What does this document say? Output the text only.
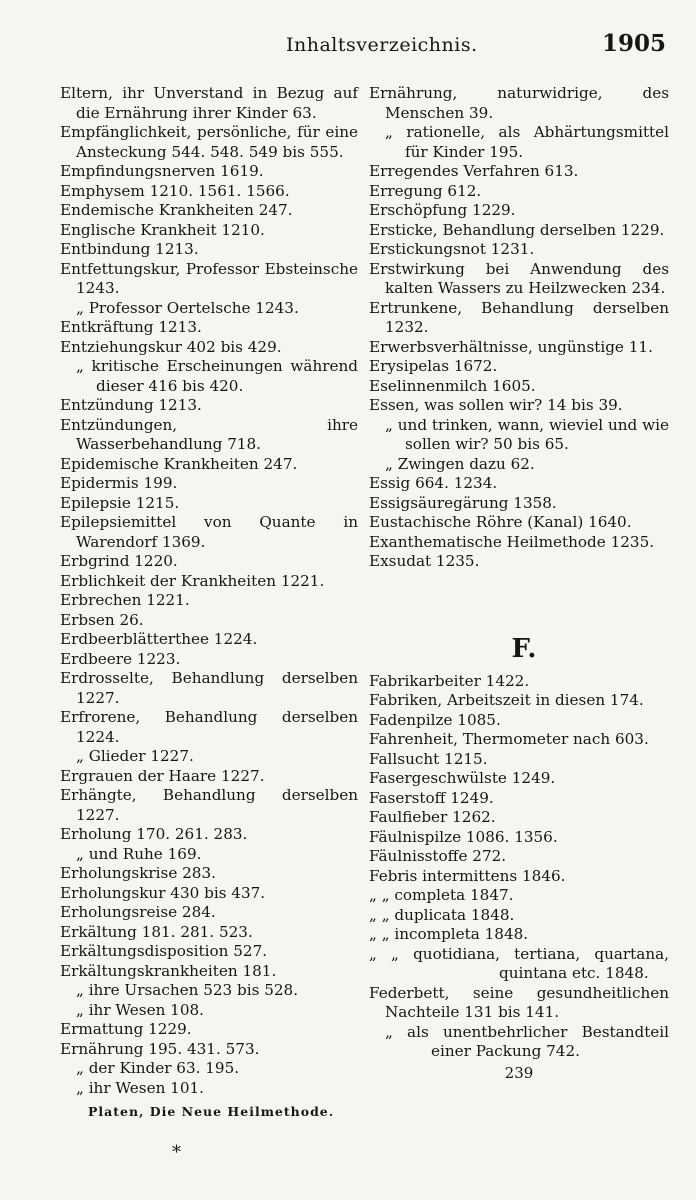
Inhaltsverzeichnis.	1905
Eltern, ihr Unverstand in Bezug auf die Ernährung ihrer Kinder 63.
Empfänglichkeit, persönliche, für eine Ansteckung 544. 548. 549 bis 555.
Empfindungsnerven 1619.
Emphysem 1210. 1561. 1566.
Endemische Krankheiten 247.
Englische Krankheit 1210.
Entbindung 1213.
Entfettungskur, Professor Ebsteinsche 1243.
„ Professor Oertelsche 1243.
Entkräftung 1213.
Entziehungskur 402 bis 429.
„ kritische Erscheinungen während dieser 416 bis 420.
Entzündung 1213.
Entzündungen, ihre Wasserbehandlung 718.
Epidemische Krankheiten 247.
Epidermis 199.
Epilepsie 1215.
Epilepsiemittel von Quante in Warendorf 1369.
Erbgrind 1220.
Erblichkeit der Krankheiten 1221.
Erbrechen 1221.
Erbsen 26.
Erdbeerblätterthee 1224.
Erdbeere 1223.
Erdrosselte, Behandlung derselben 1227.
Erfrorene, Behandlung derselben 1224.
„ Glieder 1227.
Ergrauen der Haare 1227.
Erhängte, Behandlung derselben 1227.
Erholung 170. 261. 283.
„ und Ruhe 169.
Erholungskrise 283.
Erholungskur 430 bis 437.
Erholungsreise 284.
Erkältung 181. 281. 523.
Erkältungsdisposition 527.
Erkältungskrankheiten 181.
„ ihre Ursachen 523 bis 528.
„ ihr Wesen 108.
Ermattung 1229.
Ernährung 195. 431. 573.
„ der Kinder 63. 195.
„ ihr Wesen 101.
Platen, Die Neue Heilmethode.
Ernährung, naturwidrige, des Menschen 39.
„ rationelle, als Abhärtungsmittel für Kinder 195.
Erregendes Verfahren 613.
Erregung 612.
Erschöpfung 1229.
Ersticke, Behandlung derselben 1229.
Erstickungsnot 1231.
Erstwirkung bei Anwendung des kalten Wassers zu Heilzwecken 234.
Ertrunkene, Behandlung derselben 1232.
Erwerbsverhältnisse, ungünstige 11.
Erysipelas 1672.
Eselinnenmilch 1605.
Essen, was sollen wir? 14 bis 39.
„ und trinken, wann, wieviel und wie sollen wir? 50 bis 65.
„ Zwingen dazu 62.
Essig 664. 1234.
Essigsäuregärung 1358.
Eustachische Röhre (Kanal) 1640.
Exanthematische Heilmethode 1235.
Exsudat 1235.
F.
Fabrikarbeiter 1422.
Fabriken, Arbeitszeit in diesen 174.
Fadenpilze 1085.
Fahrenheit, Thermometer nach 603.
Fallsucht 1215.
Fasergeschwülste 1249.
Faserstoff 1249.
Faulfieber 1262.
Fäulnispilze 1086. 1356.
Fäulnisstoffe 272.
Febris intermittens 1846.
„ „ completa 1847.
„ „ duplicata 1848.
„ „ incompleta 1848.
„ „ quotidiana, tertiana, quartana, quintana etc. 1848.
Federbett, seine gesundheitlichen Nachteile 131 bis 141.
„ als unentbehrlicher Bestandteil einer Packung 742.
239
*
